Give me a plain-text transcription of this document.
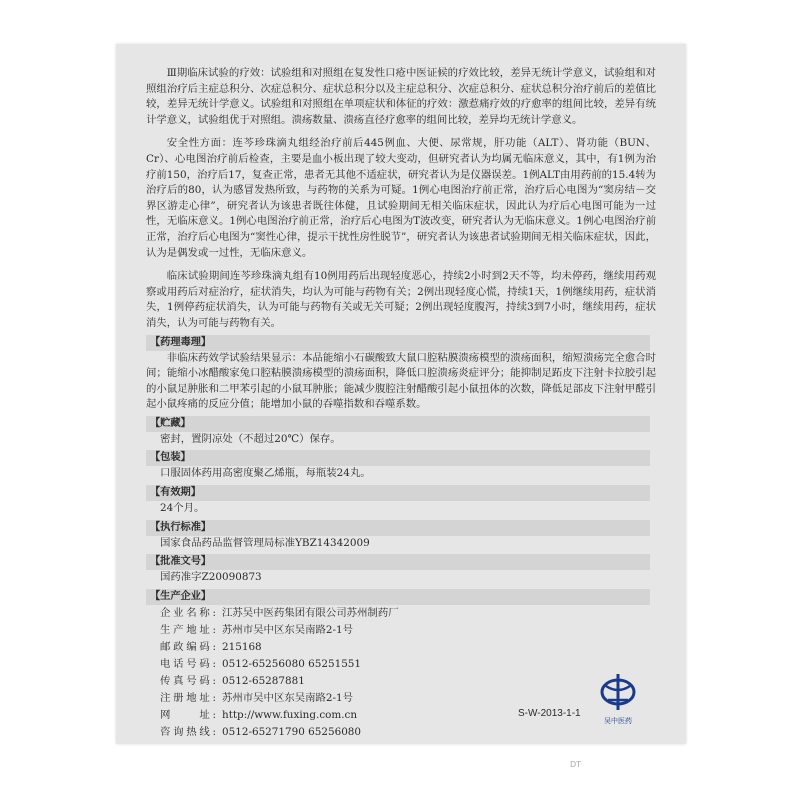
Ⅲ期临床试验的疗效：试验组和对照组在复发性口疮中医证候的疗效比较，差异无统计学意义，试验组和对照组治疗后主症总积分、次症总积分、症状总积分以及主症总积分、次症总积分、症状总积分治疗前后的差值比较，差异无统计学意义。试验组和对照组在单项症状和体征的疗效：激惹痛疗效的疗愈率的组间比较，差异有统计学意义，试验组优于对照组。溃疡数量、溃疡直径疗愈率的组间比较，差异均无统计学意义。

安全性方面：连芩珍珠滴丸组经治疗前后445例血、大便、尿常规，肝功能（ALT）、肾功能（BUN、Cr）、心电图治疗前后检查，主要是血小板出现了较大变动，但研究者认为均属无临床意义，其中，有1例为治疗前150，治疗后17，复查正常，患者无其他不适症状，研究者认为是仪器误差。1例ALT由用药前的15.4转为治疗后的80，认为感冒发热所致，与药物的关系为可疑。1例心电图治疗前正常，治疗后心电图为“窦房结－交界区游走心律”，研究者认为该患者既往体健，且试验期间无相关临床症状，因此认为疗后心电图可能为一过性，无临床意义。1例心电图治疗前正常，治疗后心电图为T波改变，研究者认为无临床意义。1例心电图治疗前正常，治疗后心电图为“窦性心律，提示干扰性房性脱节”，研究者认为该患者试验期间无相关临床症状，因此，认为是偶发或一过性，无临床意义。

临床试验期间连芩珍珠滴丸组有10例用药后出现轻度恶心，持续2小时到2天不等，均未停药，继续用药观察或用药后对症治疗，症状消失，均认为可能与药物有关；2例出现轻度心慌，持续1天，1例继续用药，症状消失，1例停药症状消失，认为可能与药物有关或无关可疑；2例出现轻度腹泻，持续3到7小时，继续用药，症状消失，认为可能与药物有关。

【药理毒理】

非临床药效学试验结果显示：本品能缩小石碳酸致大鼠口腔粘膜溃疡模型的溃疡面积，缩短溃疡完全愈合时间；能缩小冰醋酸家兔口腔粘膜溃疡模型的溃疡面积，降低口腔溃疡炎症评分；能抑制足跖皮下注射卡拉胶引起的小鼠足肿胀和二甲苯引起的小鼠耳肿胀；能减少腹腔注射醋酸引起小鼠扭体的次数，降低足部皮下注射甲醛引起小鼠疼痛的反应分值；能增加小鼠的吞噬指数和吞噬系数。

【贮藏】
密封，置阴凉处（不超过20℃）保存。
【包装】
口服固体药用高密度聚乙烯瓶，每瓶装24丸。
【有效期】
24个月。
【执行标准】
国家食品药品监督管理局标准YBZ14342009
【批准文号】
国药准字Z20090873
【生产企业】
企业名称: 江苏吴中医药集团有限公司苏州制药厂
生产地址: 苏州市吴中区东吴南路2-1号
邮政编码: 215168
电话号码: 0512-65256080 65251551
传真号码: 0512-65287881
注册地址: 苏州市吴中区东吴南路2-1号
网　　址: http://www.fuxing.com.cn
咨询热线: 0512-65271790 65256080
吴中医药
S-W-2013-1-1
DT
